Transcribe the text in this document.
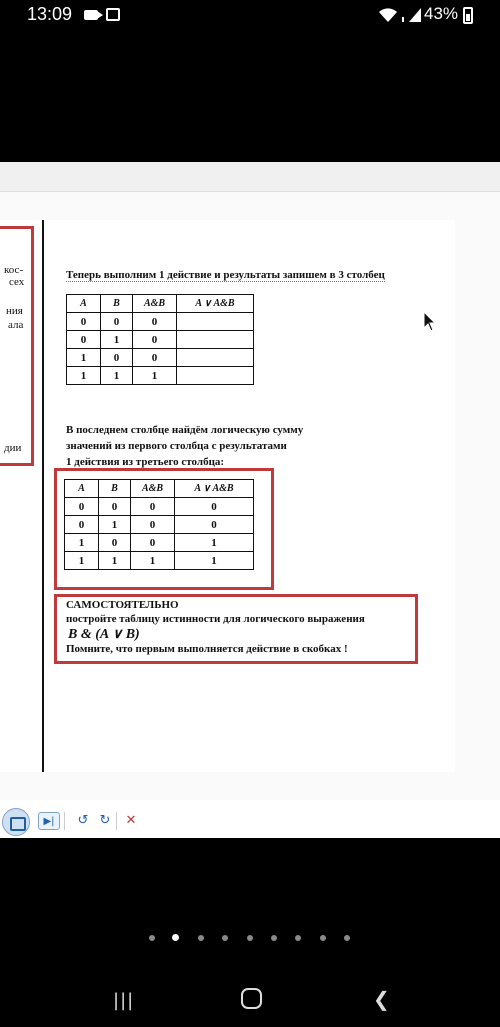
13:09	43%
кос-
сех
ния
ала
дии
Теперь выполним 1 действие и результаты запишем в 3 столбец
A	B	A&B	A ∨ A&B
0	0	0	
0	1	0	
1	0	0	
1	1	1	
В последнем столбце найдём логическую сумму
значений из первого столбца с результатами
1 действия из третьего столбца:
A	B	A&B	A ∨ A&B
0	0	0	0
0	1	0	0
1	0	0	1
1	1	1	1
САМОСТОЯТЕЛЬНО
постройте таблицу истинности для логического выражения
B & (A ∨ B)
Помните, что первым выполняется действие в скобках !
▶|	↺ ↻	✕
|||	❮
